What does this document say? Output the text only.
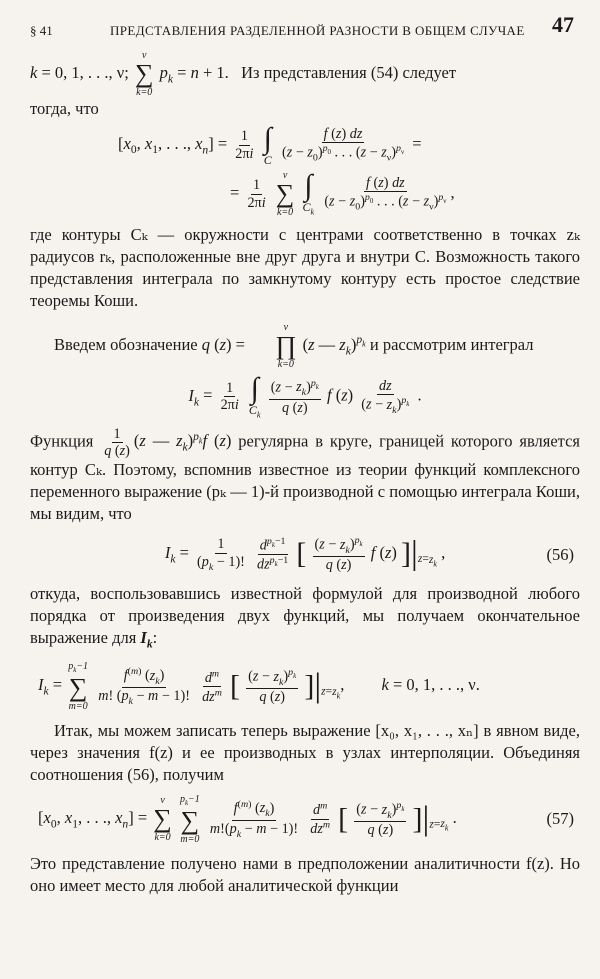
§ 41	ПРЕДСТАВЛЕНИЯ РАЗДЕЛЕННОЙ РАЗНОСТИ В ОБЩЕМ СЛУЧАЕ 47

k = 0, 1, . . ., ν;
ν
∑
k=0
$p_k = n + 1$.   Из представления (54) следует
тогда, что

[$x_0$, $x_1$, . . ., $x_n] = \frac{1}{2\pi i}$
∫
C
$\frac{f (z) dz}{(z - z_0)^{p_0} . . . (z - z_\nu)^{p_\nu}}$ =
= $\frac{1}{2\pi i}$

ν
∑
k=0

∫
$C_k$
$\frac{f (z) dz}{(z - z_0)^{p_0} . . . (z - z_\nu)^{p_\nu}}$ ,

где контуры Cₖ — окружности с центрами соответственно в точках zₖ радиусов rₖ, расположенные вне друг друга и внутри C. Возможность такого представления интеграла по замкнутому контуру есть простое следствие теоремы Коши.

Введем обозначение q (z) =
ν
∏
k=0
(z — $z_k)^{p_k}$ и рассмотрим интеграл

$I_k = \frac{1}{2\pi i}$
∫
$C_k$
$\frac{(z - z_k)^{p_k}}{q (z)}$ f $(z) \frac{dz}{(z - z_k)^{p_k}}$ .

Функция $\frac{1}{q (z)} (z$ — $z_k)^{p_k}f$ (z) регулярна в круге, границей которого является контур Cₖ. Поэтому, вспомнив известное из теории функций комплексного переменного выражение (pₖ — 1)-й производной с помощью интеграла Коши, мы видим, что

$I_k = \frac{1}{(p_k - 1)!}$
$\frac{d^{p_k-1}}{dz^{p_k-1}}$ [ $\frac{(z - z_k)^{p_k}}{q (z)}$ f (z) ]$|_{z=z_k}$ ,	(56)

откуда, воспользовавшись известной формулой для производной любого порядка от произведения двух функций, мы получаем окончательное выражение для $I_k$:

$I_k$ =
$p_k-1$
∑
m=0
$\frac{f^{(m)} (z_k)}{m! (p_k - m - 1)!}$
$\frac{d^m}{dz^m}$ [ $\frac{(z - z_k)^{p_k}}{q (z)} ]|_{z=z_k}$,         k = 0, 1, . . ., ν.

Итак, мы можем записать теперь выражение [x₀, x₁, . . ., xₙ] в явном виде, через значения f(z) и ее производных в узлах интерполяции. Объединяя соотношения (56), получим

[$x_0$, $x_1$, . . ., $x_n$] =
ν
∑
k=0

$p_k-1$
∑
m=0
$\frac{f^{(m)} (z_k)}{m!(p_k - m - 1)!}$
$\frac{d^m}{dz^m}$ [ $\frac{(z - z_k)^{p_k}}{q (z)} ]|_{z=z_k}$ .	(57)

Это представление получено нами в предположении аналитичности f(z). Но оно имеет место для любой аналитической функции
